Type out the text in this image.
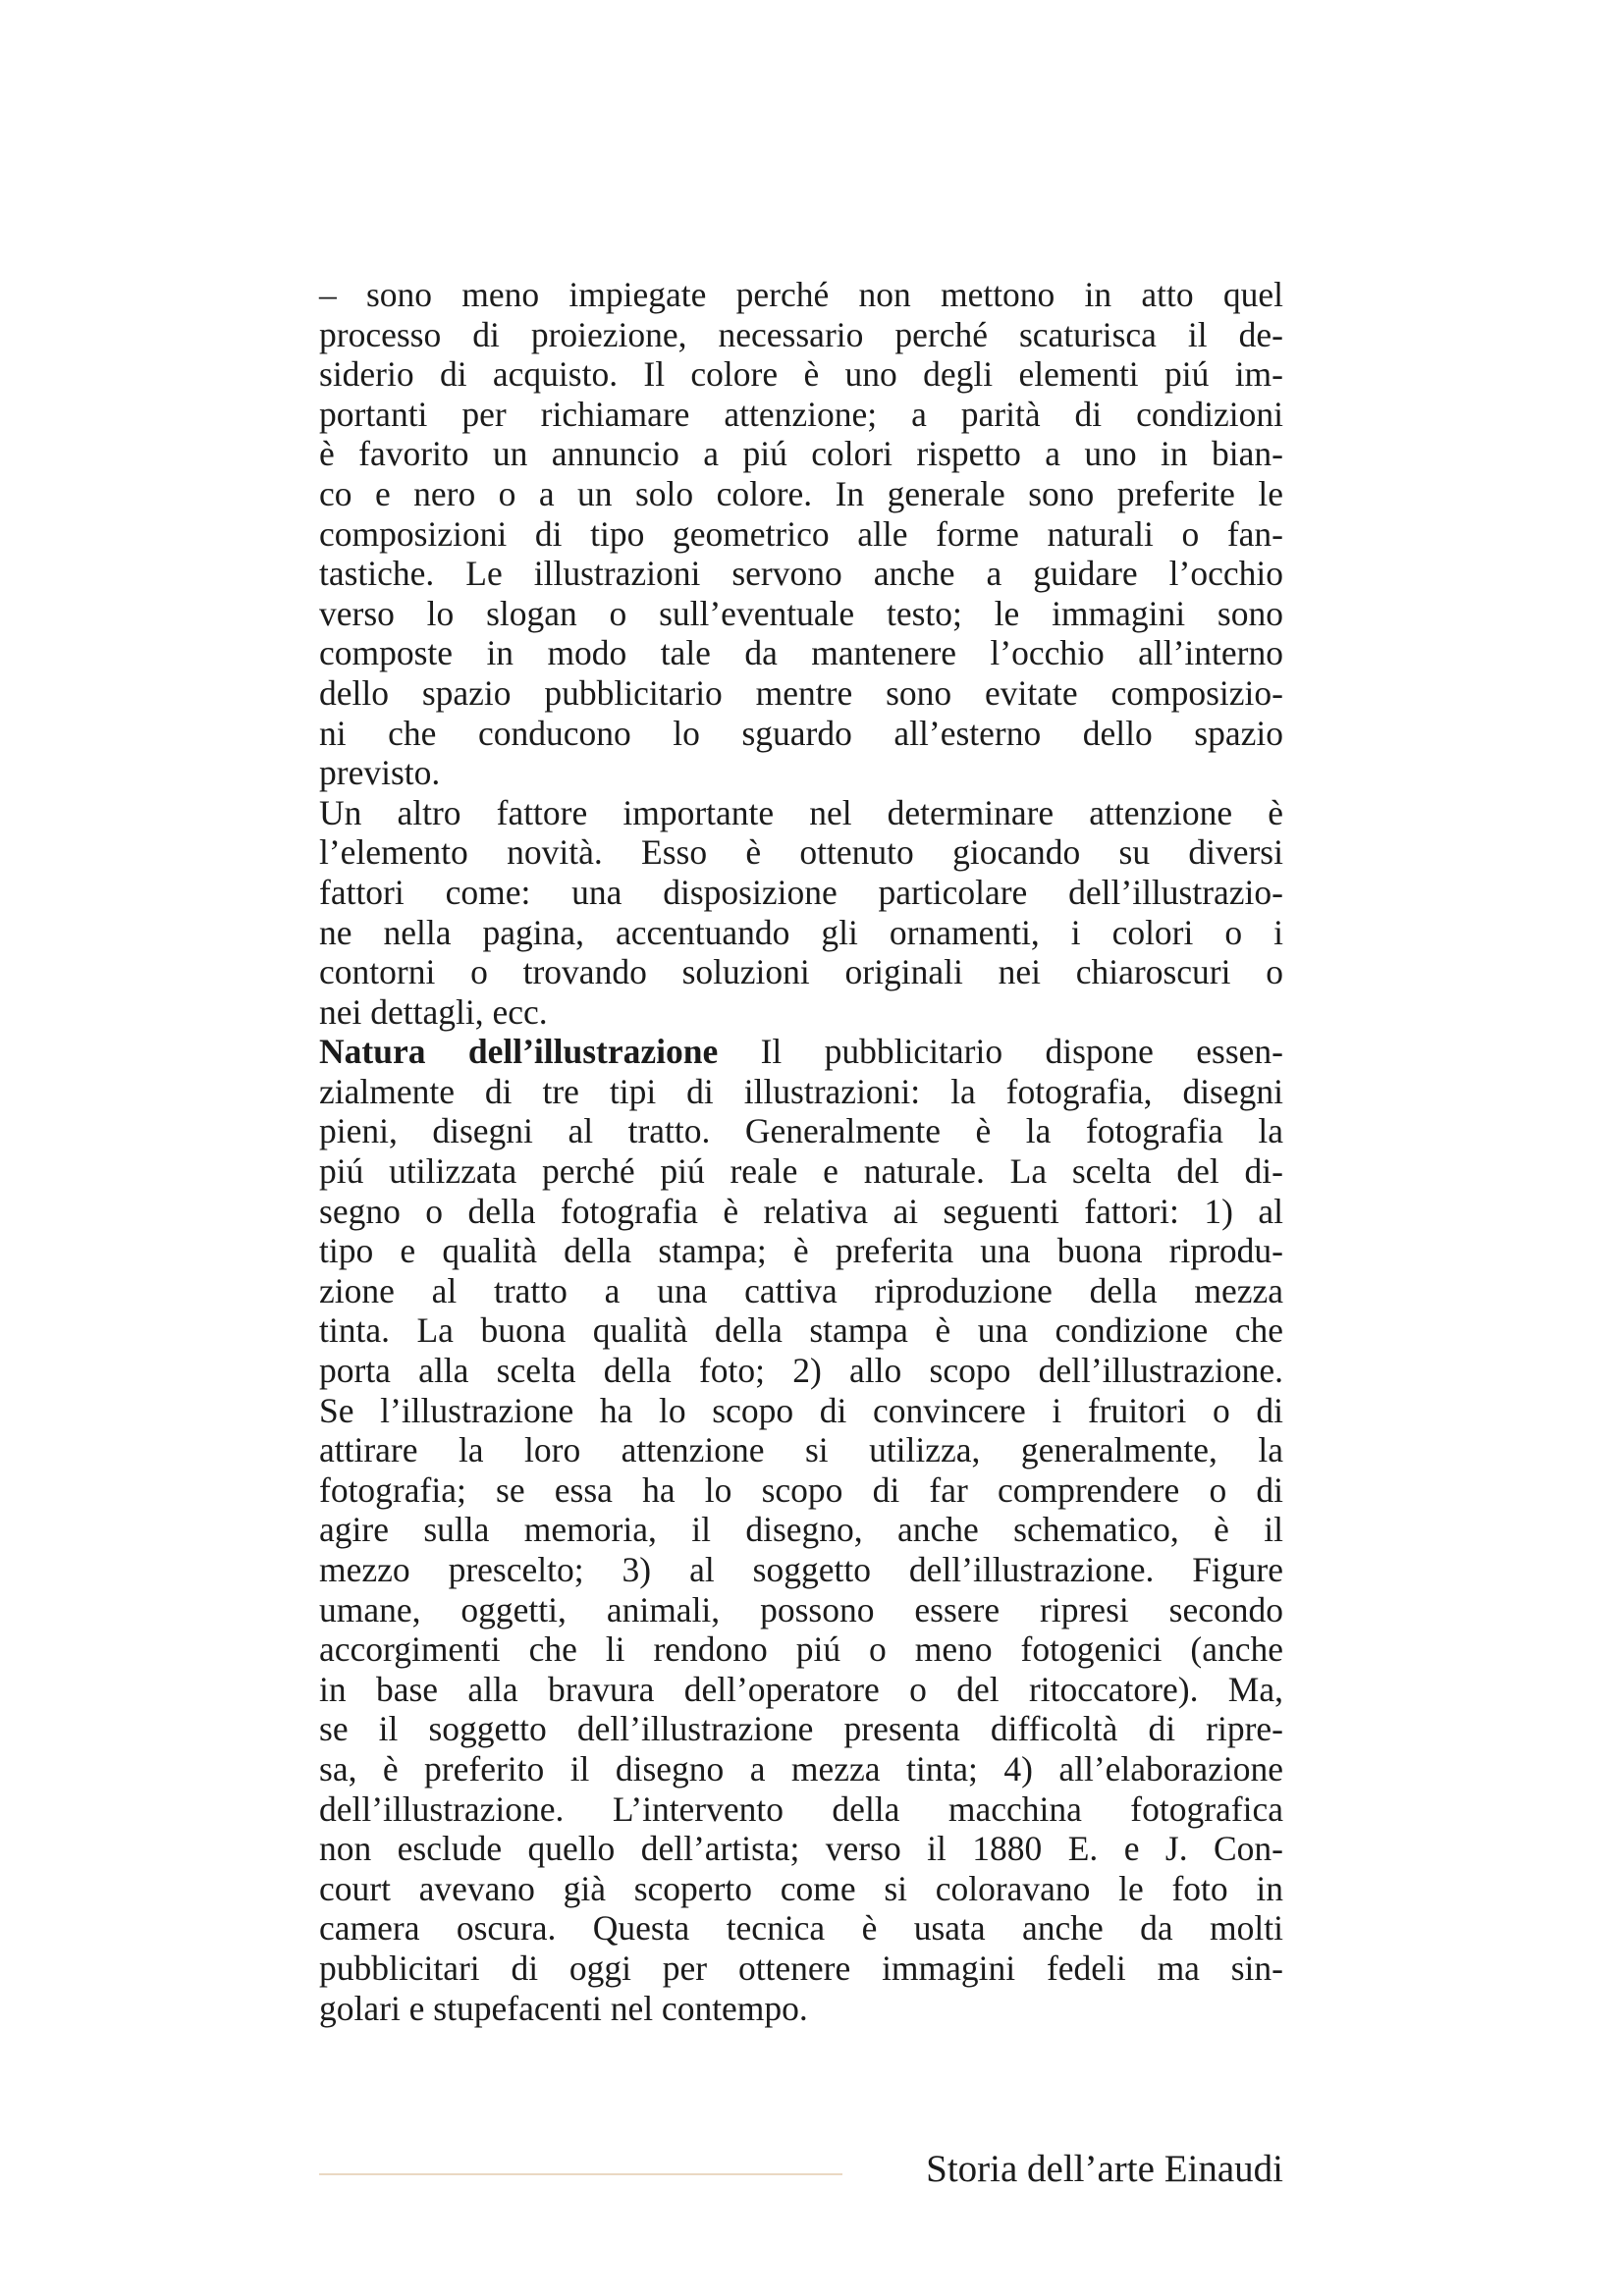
– sono meno impiegate perché non mettono in atto quel
processo di proiezione, necessario perché scaturisca il de-
siderio di acquisto. Il colore è uno degli elementi piú im-
portanti per richiamare attenzione; a parità di condizioni
è favorito un annuncio a piú colori rispetto a uno in bian-
co e nero o a un solo colore. In generale sono preferite le
composizioni di tipo geometrico alle forme naturali o fan-
tastiche. Le illustrazioni servono anche a guidare l’occhio
verso lo slogan o sull’eventuale testo; le immagini sono
composte in modo tale da mantenere l’occhio all’interno
dello spazio pubblicitario mentre sono evitate composizio-
ni che conducono lo sguardo all’esterno dello spazio
previsto.
Un altro fattore importante nel determinare attenzione è
l’elemento novità. Esso è ottenuto giocando su diversi
fattori come: una disposizione particolare dell’illustrazio-
ne nella pagina, accentuando gli ornamenti, i colori o i
contorni o trovando soluzioni originali nei chiaroscuri o
nei dettagli, ecc.
Natura dell’illustrazione Il pubblicitario dispone essen-
zialmente di tre tipi di illustrazioni: la fotografia, disegni
pieni, disegni al tratto. Generalmente è la fotografia la
piú utilizzata perché piú reale e naturale. La scelta del di-
segno o della fotografia è relativa ai seguenti fattori: 1) al
tipo e qualità della stampa; è preferita una buona riprodu-
zione al tratto a una cattiva riproduzione della mezza
tinta. La buona qualità della stampa è una condizione che
porta alla scelta della foto; 2) allo scopo dell’illustrazione.
Se l’illustrazione ha lo scopo di convincere i fruitori o di
attirare la loro attenzione si utilizza, generalmente, la
fotografia; se essa ha lo scopo di far comprendere o di
agire sulla memoria, il disegno, anche schematico, è il
mezzo prescelto; 3) al soggetto dell’illustrazione. Figure
umane, oggetti, animali, possono essere ripresi secondo
accorgimenti che li rendono piú o meno fotogenici (anche
in base alla bravura dell’operatore o del ritoccatore). Ma,
se il soggetto dell’illustrazione presenta difficoltà di ripre-
sa, è preferito il disegno a mezza tinta; 4) all’elaborazione
dell’illustrazione. L’intervento della macchina fotografica
non esclude quello dell’artista; verso il 1880 E. e J. Con-
court avevano già scoperto come si coloravano le foto in
camera oscura. Questa tecnica è usata anche da molti
pubblicitari di oggi per ottenere immagini fedeli ma sin-
golari e stupefacenti nel contempo.
Storia dell’arte Einaudi
